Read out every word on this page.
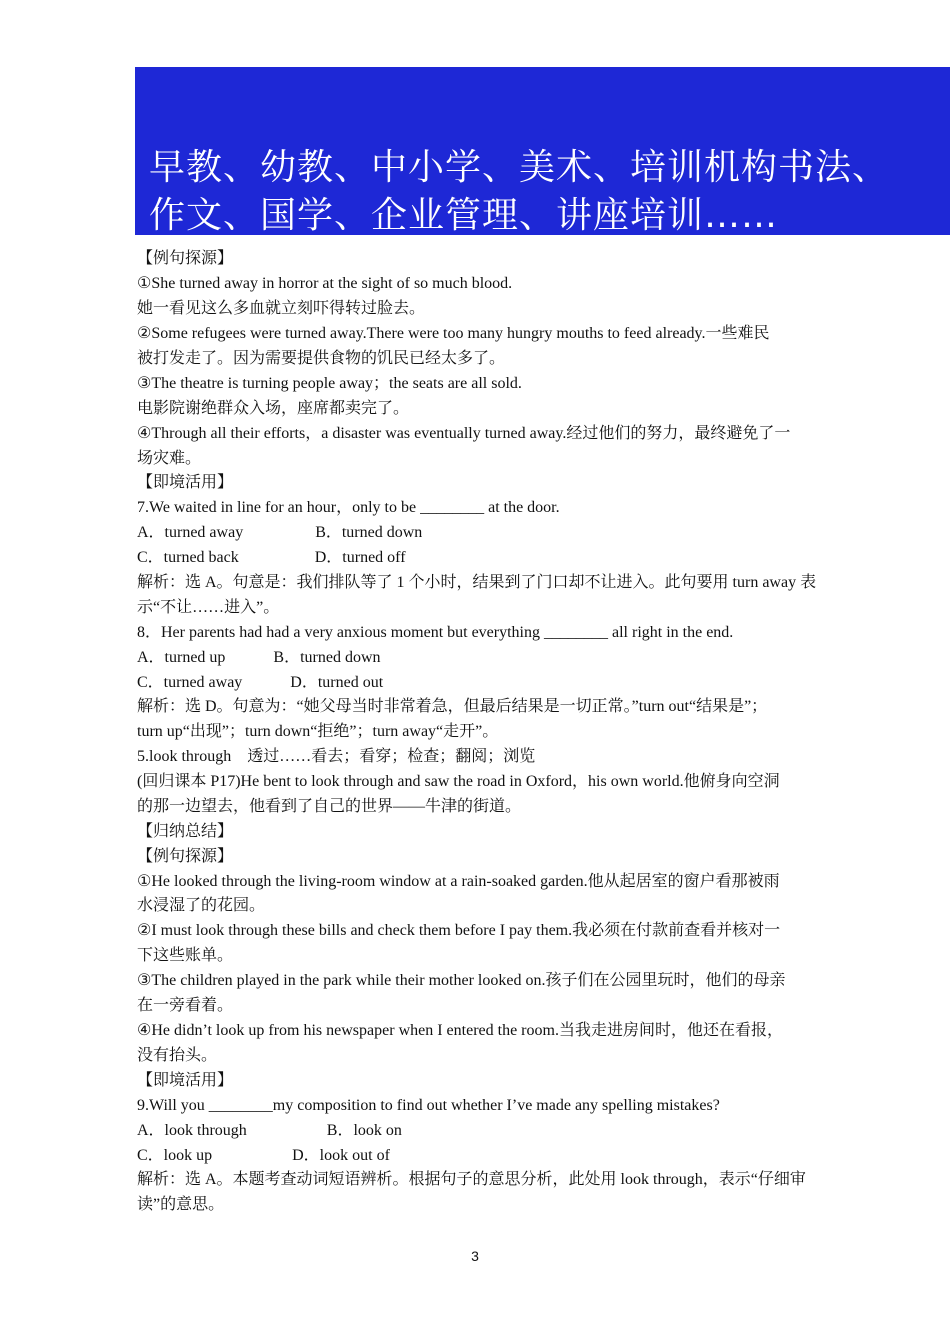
早教、幼教、中小学、美术、培训机构书法、
作文、国学、企业管理、讲座培训……
【例句探源】
①She turned away in horror at the sight of so much blood.
她一看见这么多血就立刻吓得转过脸去。
②Some refugees were turned away.There were too many hungry mouths to feed already.一些难民
被打发走了。因为需要提供食物的饥民已经太多了。
③The theatre is turning people away；the seats are all sold.
电影院谢绝群众入场，座席都卖完了。
④Through all their efforts，a disaster was eventually turned away.经过他们的努力，最终避免了一
场灾难。
【即境活用】
7.We waited in line for an hour，only to be ________ at the door.
A．turned away                  B．turned down
C．turned back                   D．turned off
解析：选 A。句意是：我们排队等了 1 个小时，结果到了门口却不让进入。此句要用 turn away 表
示“不让……进入”。
8．Her parents had had a very anxious moment but everything ________ all right in the end.
A．turned up            B．turned down
C．turned away            D．turned out
解析：选 D。句意为：“她父母当时非常着急，但最后结果是一切正常。”turn out“结果是”；
turn up“出现”；turn down“拒绝”；turn away“走开”。
5.look through    透过……看去；看穿；检查；翻阅；浏览
(回归课本 P17)He bent to look through and saw the road in Oxford，his own world.他俯身向空洞
的那一边望去，他看到了自己的世界——牛津的街道。
【归纳总结】
【例句探源】
①He looked through the living-room window at a rain-soaked garden.他从起居室的窗户看那被雨
水浸湿了的花园。
②I must look through these bills and check them before I pay them.我必须在付款前查看并核对一
下这些账单。
③The children played in the park while their mother looked on.孩子们在公园里玩时，他们的母亲
在一旁看着。
④He didn’t look up from his newspaper when I entered the room.当我走进房间时，他还在看报，
没有抬头。
【即境活用】
9.Will you ________my composition to find out whether I’ve made any spelling mistakes?
A．look through                    B．look on
C．look up                    D．look out of
解析：选 A。本题考查动词短语辨析。根据句子的意思分析，此处用 look through，表示“仔细审
读”的意思。
3
